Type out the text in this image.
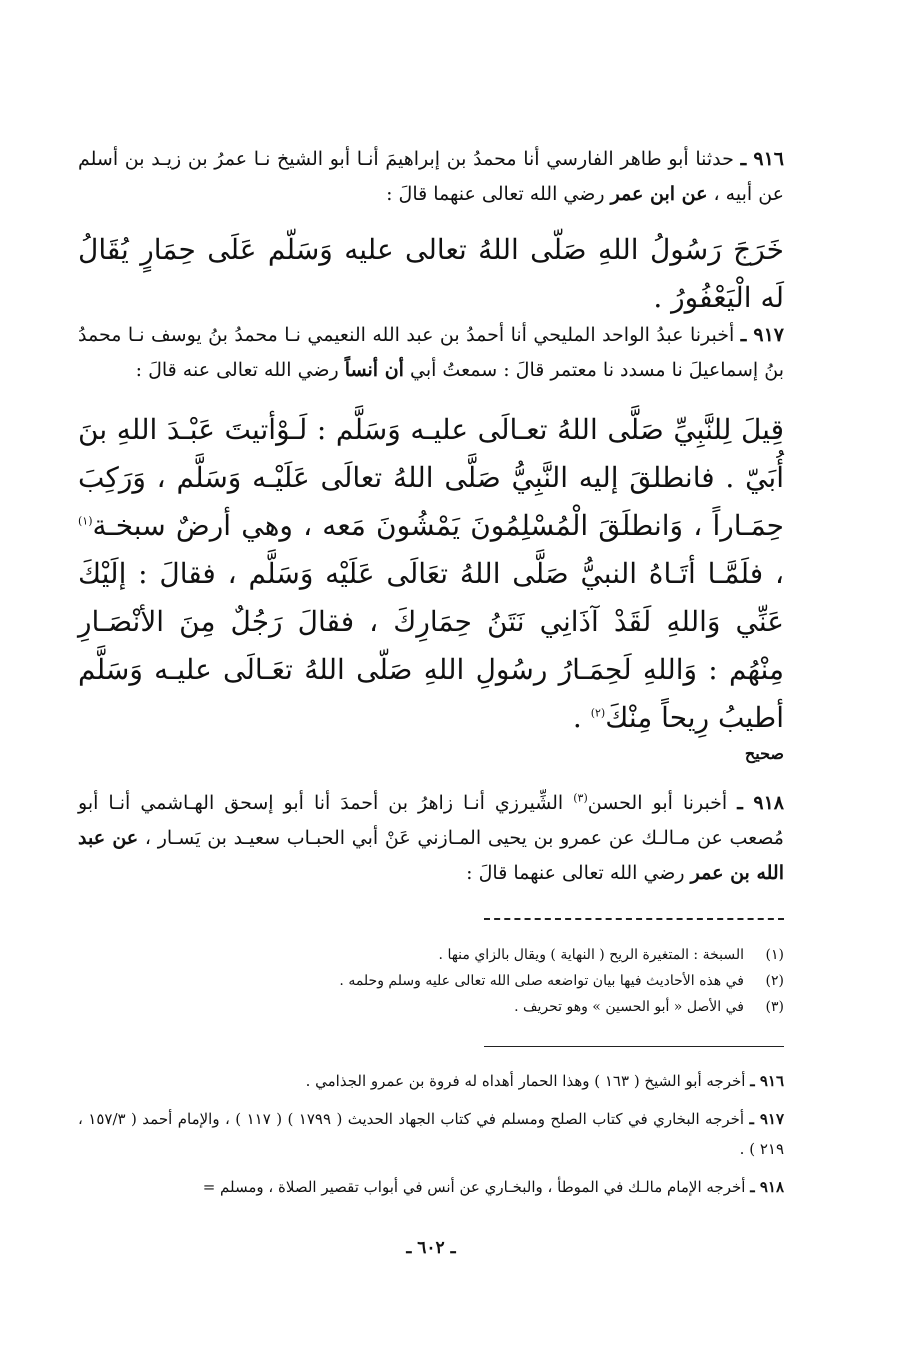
٩١٦ ـ حدثنا أبو طاهر الفارسي أنا محمدُ بن إبراهيمَ أنـا أبو الشيخ نـا عمرُ بن زيـد بن أسلم عن أبيه ، عن ابن عمر رضي الله تعالى عنهما قالَ :
خَرَجَ رَسُولُ اللهِ صَلّى اللهُ تعالى عليه وَسَلّم عَلَى حِمَارٍ يُقَالُ لَه الْيَعْفُورُ .
٩١٧ ـ أخبرنا عبدُ الواحد المليحي أنا أحمدُ بن عبد الله النعيمي نـا محمدُ بنُ يوسف نـا محمدُ بنُ إسماعيلَ نا مسدد نا معتمر قالَ : سمعتُ أبي أن أنساً رضي الله تعالى عنه قالَ :
قِيلَ لِلنَّبِيِّ صَلَّى اللهُ تعـالَى عليـه وَسَلَّم : لَـوْأتيتَ عَبْـدَ اللهِ بنَ أُبَيّ . فانطلقَ إليه النَّبِيُّ صَلَّى اللهُ تعالَى عَلَيْـه وَسَلَّم ، وَرَكِبَ حِمَـاراً ، وَانطلَقَ الْمُسْلِمُونَ يَمْشُونَ مَعه ، وهي أرضٌ سبخـة$^{(١)}$ ، فلَمَّـا أتَـاهُ النبيُّ صَلَّى اللهُ تعَالَى عَلَيْه وَسَلَّم ، فقالَ : إلَيْكَ عَنِّي وَاللهِ لَقَدْ آذَانِي نَتَنُ حِمَارِكَ ، فقالَ رَجُلٌ مِنَ الأنْصَـارِ مِنْهُم : وَاللهِ لَحِمَـارُ رسُولِ اللهِ صَلّى اللهُ تعَـالَى عليـه وَسَلَّم أطيبُ رِيحاً مِنْكَ$^{(٢)}$ .
صحيح
٩١٨ ـ أخبرنا أبو الحسن$^{(٣)}$ الشِّيرزي أنـا زاهرُ بن أحمدَ أنا أبو إسحق الهـاشمي أنـا أبو مُصعب عن مـالـك عن عمرو بن يحيى المـازني عَنْ أبي الحبـاب سعيـد بن يَسـار ، عن عبد الله بن عمر رضي الله تعالى عنهما قالَ :
(١)
السبخة : المتغيرة الريح ( النهاية ) ويقال بالزاي منها .
(٢)
في هذه الأحاديث فيها بيان تواضعه صلى الله تعالى عليه وسلم وحلمه .
(٣)
في الأصل « أبو الحسين » وهو تحريف .
٩١٦ ـ أخرجه أبو الشيخ ( ١٦٣ ) وهذا الحمار أهداه له فروة بن عمرو الجذامي .
٩١٧ ـ أخرجه البخاري في كتاب الصلح ومسلم في كتاب الجهاد الحديث ( ١٧٩٩ ) ( ١١٧ ) ، والإمام أحمد ( ١٥٧/٣ ، ٢١٩ ) .
٩١٨ ـ أخرجه الإمام مالـك في الموطأ ، والبخـاري عن أنس في أبواب تقصير الصلاة ، ومسلم =
ـ ٦٠٢ ـ
